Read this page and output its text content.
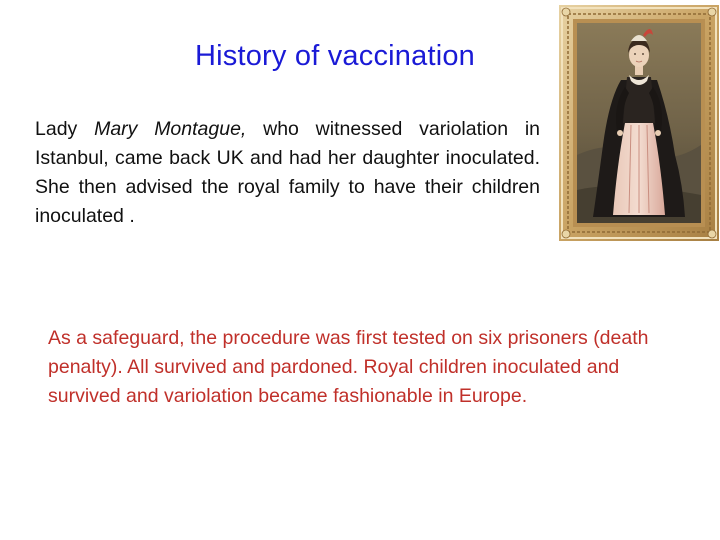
History of vaccination

Lady Mary Montague, who witnessed variolation in Istanbul, came back UK and had her daughter inoculated. She then advised the royal family to have their children inoculated .

As a safeguard, the procedure was first tested on six prisoners (death penalty). All survived and pardoned. Royal children inoculated and survived and variolation became fashionable in Europe.
